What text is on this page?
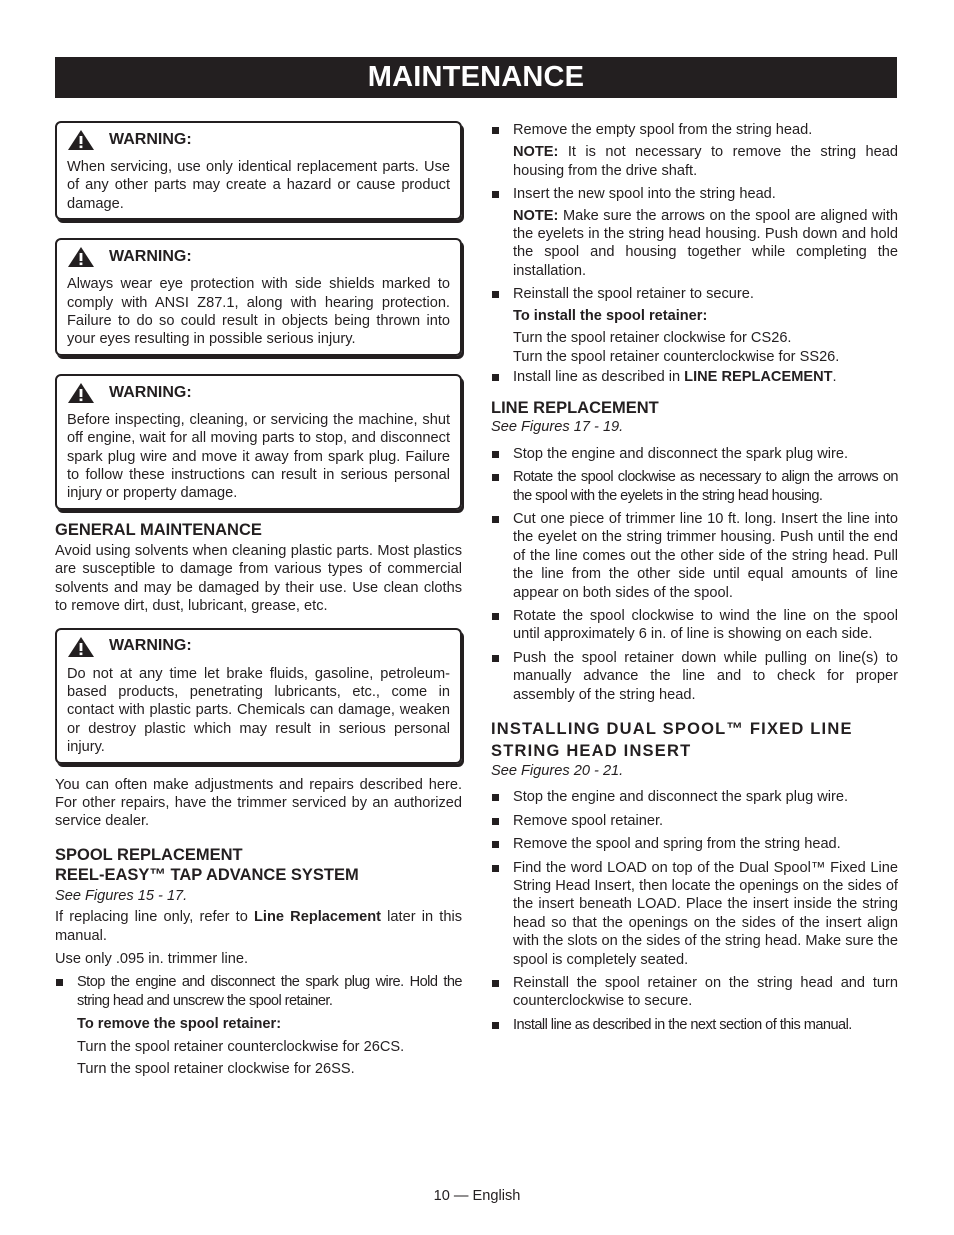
MAINTENANCE
WARNING:
When servicing, use only identical replacement parts. Use of any other parts may create a hazard or cause product damage.
WARNING:
Always wear eye protection with side shields marked to comply with ANSI Z87.1, along with hearing protection. Failure to do so could result in objects being thrown into your eyes resulting in possible serious injury.
WARNING:
Before inspecting, cleaning, or servicing the machine, shut off engine, wait for all moving parts to stop, and disconnect spark plug wire and move it away from spark plug. Failure to follow these instructions can result in serious personal injury or property damage.
GENERAL MAINTENANCE

Avoid using solvents when cleaning plastic parts. Most plastics are susceptible to damage from various types of commercial solvents and may be damaged by their use. Use clean cloths to remove dirt, dust, lubricant, grease, etc.

WARNING:
Do not at any time let brake fluids, gasoline, petroleum-based products, penetrating lubricants, etc., come in contact with plastic parts. Chemicals can damage, weaken or destroy plastic which may result in serious personal injury.

You can often make adjustments and repairs described here. For other repairs, have the trimmer serviced by an authorized service dealer.

SPOOL REPLACEMENT
REEL-EASY™ TAP ADVANCE SYSTEM
See Figures 15 - 17.

If replacing line only, refer to Line Replacement later in this manual.

Use only .095 in. trimmer line.

Stop the engine and disconnect the spark plug wire. Hold the string head and unscrew the spool retainer.
To remove the spool retainer:
Turn the spool retainer counterclockwise for 26CS.
Turn the spool retainer clockwise for 26SS.
Remove the empty spool from the string head.

NOTE: It is not necessary to remove the string head housing from the drive shaft.

Insert the new spool into the string head.

NOTE: Make sure the arrows on the spool are aligned with the eyelets in the string head housing. Push down and hold the spool and housing together while completing the installation.

Reinstall the spool retainer to secure.
To install the spool retainer:
Turn the spool retainer clockwise for CS26.
Turn the spool retainer counterclockwise for SS26.
Install line as described in LINE REPLACEMENT.
LINE REPLACEMENT
See Figures 17 - 19.
Stop the engine and disconnect the spark plug wire.
Rotate the spool clockwise as necessary to align the arrows on the spool with the eyelets in the string head housing.
Cut one piece of trimmer line 10 ft. long. Insert the line into the eyelet on the string trimmer housing. Push until the end of the line comes out the other side of the string head. Pull the line from the other side until equal amounts of line appear on both sides of the spool.
Rotate the spool clockwise to wind the line on the spool until approximately 6 in. of line is showing on each side.
Push the spool retainer down while pulling on line(s) to manually advance the line and to check for proper assembly of the string head.
INSTALLING DUAL SPOOL™ FIXED LINE STRING HEAD INSERT
See Figures 20 - 21.
Stop the engine and disconnect the spark plug wire.
Remove spool retainer.
Remove the spool and spring from the string head.
Find the word LOAD on top of the Dual Spool™ Fixed Line String Head Insert, then locate the openings on the sides of the insert beneath LOAD. Place the insert inside the string head so that the openings on the sides of the insert align with the slots on the sides of the string head. Make sure the spool is completely seated.
Reinstall the spool retainer on the string head and turn counterclockwise to secure.
Install line as described in the next section of this manual.
10 — English
